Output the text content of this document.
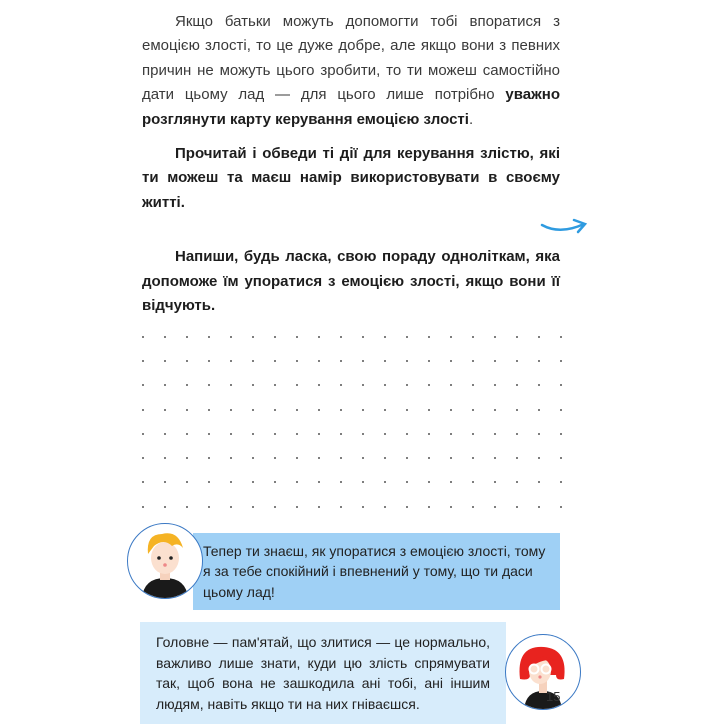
Якщо батьки можуть допомогти тобі впоратися з емоцією злості, то це дуже добре, але якщо вони з певних причин не можуть цього зробити, то ти можеш самостійно дати цьому лад — для цього лише потрібно уважно розглянути карту керування емоцією злості.

Прочитай і обведи ті дії для керування злістю, які ти можеш та маєш намір використовувати в своєму житті.

Напиши, будь ласка, свою пораду одноліткам, яка допоможе їм упоратися з емоцією злості, якщо вони її відчують.

Тепер ти знаєш, як упоратися з емоцією злості, тому я за тебе спокійний і впевнений у тому, що ти даси цьому лад!

Головне — пам'ятай, що злитися — це нормально, важливо лише знати, куди цю злість спрямувати так, щоб вона не зашкодила ані тобі, ані іншим людям, навіть якщо ти на них гніваєшся.	15
